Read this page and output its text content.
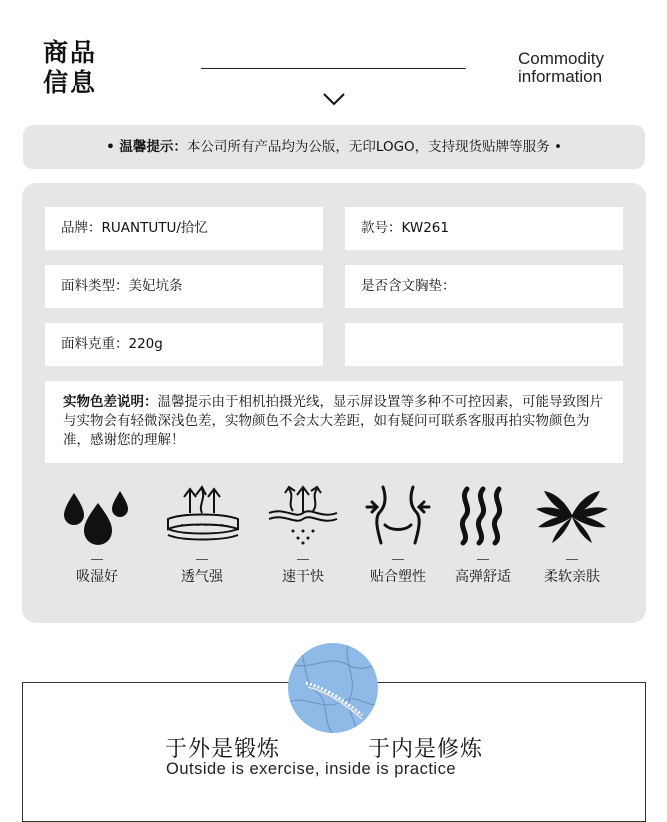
商品
信息
Commodity
information
• 温馨提示：本公司所有产品均为公版，无印LOGO，支持现货贴牌等服务 •
品牌：RUANTUTU/拾忆	款号：KW261
面料类型：美妃坑条	是否含文胸垫：
面料克重：220g
实物色差说明：温馨提示由于相机拍摄光线，显示屏设置等多种不可控因素，可能导致图片与实物会有轻微深浅色差，实物颜色不会太大差距，如有疑问可联系客服再拍实物颜色为准，感谢您的理解！
吸湿好	透气强	速干快	贴合塑性	高弹舒适	柔软亲肤
于外是锻炼	于内是修炼
Outside is exercise, inside is practice
